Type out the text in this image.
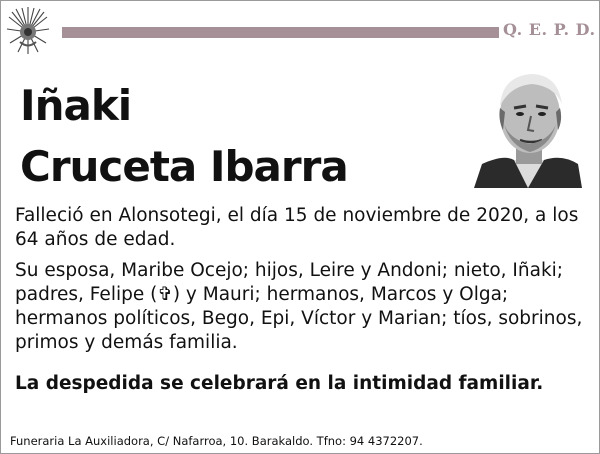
Q. E. P. D.
Iñaki
Cruceta Ibarra
Falleció en Alonsotegi, el día 15 de noviembre de 2020, a los 64 años de edad.
Su esposa, Maribe Ocejo; hijos, Leire y Andoni; nieto, Iñaki; padres, Felipe (✞) y Mauri; hermanos, Marcos y Olga; hermanos políticos, Bego, Epi, Víctor y Marian; tíos, sobrinos, primos y demás familia.
La despedida se celebrará en la intimidad familiar.
Funeraria La Auxiliadora, C/ Nafarroa, 10. Barakaldo. Tfno: 94 4372207.
